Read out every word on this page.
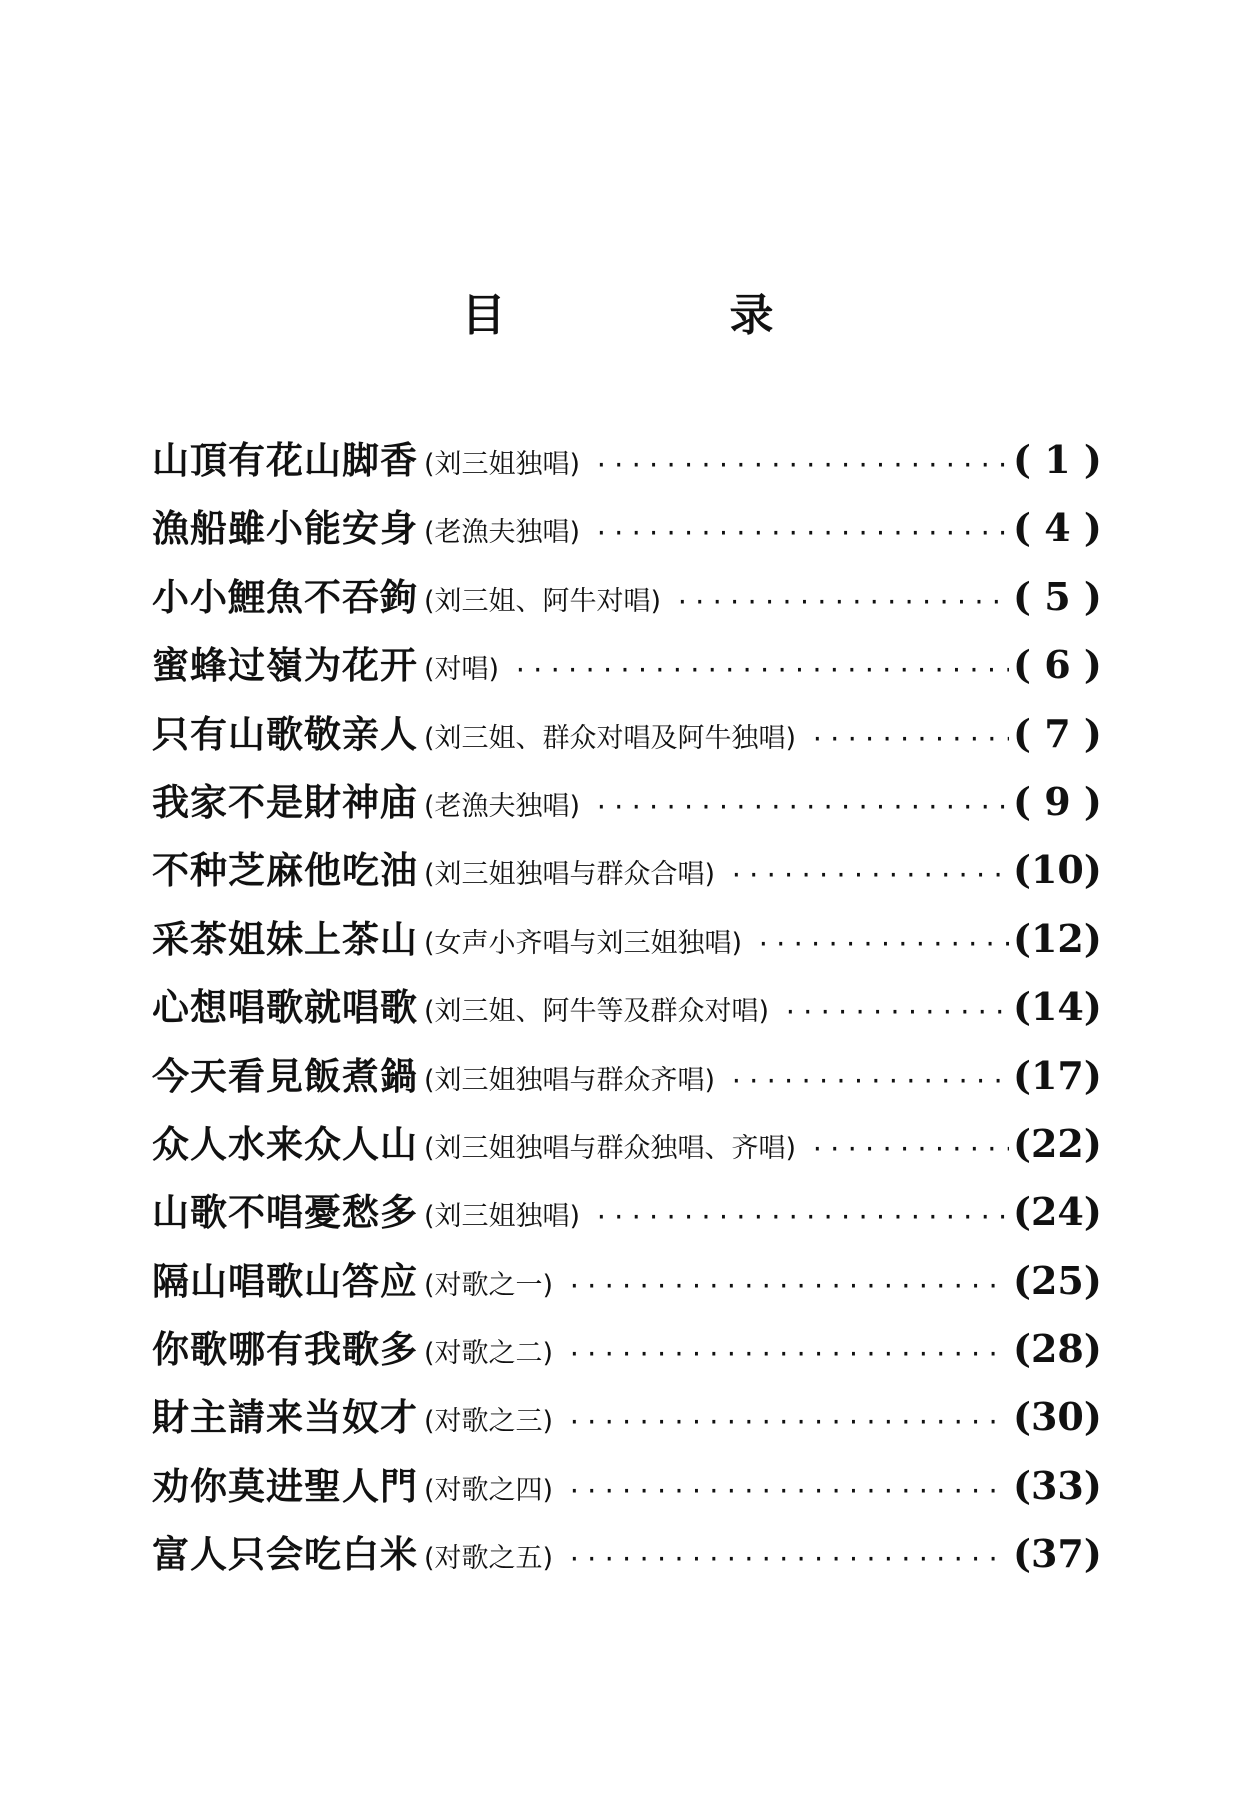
目　录
山頂有花山脚香 (刘三姐独唱) ·····	( 1 )
漁船雖小能安身 (老漁夫独唱) ·····	( 4 )
小小鯉魚不吞鉤 (刘三姐、阿牛对唱) ·····	( 5 )
蜜蜂过嶺为花开 (对唱) ·····	( 6 )
只有山歌敬亲人 (刘三姐、群众对唱及阿牛独唱) ·····	( 7 )
我家不是財神庙 (老漁夫独唱) ·····	( 9 )
不种芝麻他吃油 (刘三姐独唱与群众合唱) ·····	(10)
采茶姐妹上茶山 (女声小齐唱与刘三姐独唱) ·····	(12)
心想唱歌就唱歌 (刘三姐、阿牛等及群众对唱) ·····	(14)
今天看見飯煮鍋 (刘三姐独唱与群众齐唱) ·····	(17)
众人水来众人山 (刘三姐独唱与群众独唱、齐唱) ·····	(22)
山歌不唱憂愁多 (刘三姐独唱) ·····	(24)
隔山唱歌山答应 (对歌之一) ·····	(25)
你歌哪有我歌多 (对歌之二) ·····	(28)
財主請来当奴才 (对歌之三) ·····	(30)
劝你莫进聖人門 (对歌之四) ·····	(33)
富人只会吃白米 (对歌之五) ·····	(37)
